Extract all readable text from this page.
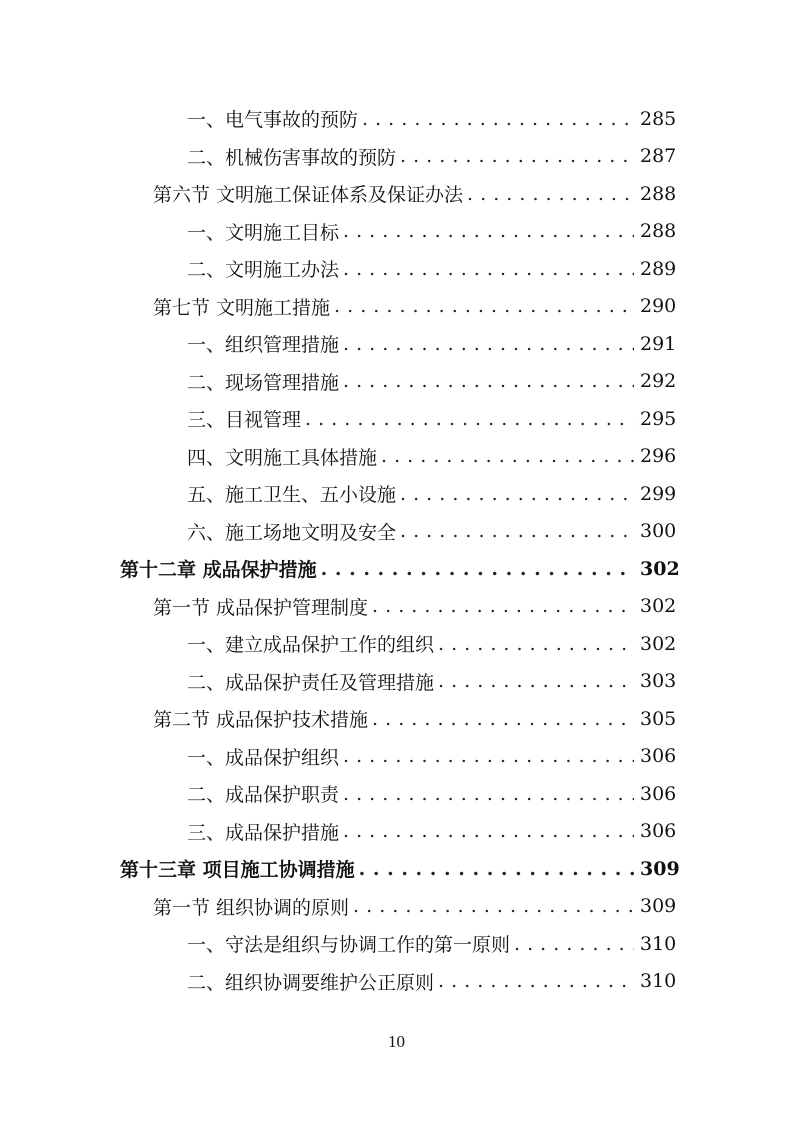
一、电气事故的预防 . . .	285
二、机械伤害事故的预防 . . .	287
第六节 文明施工保证体系及保证办法 . . .	288
一、文明施工目标 . . .	288
二、文明施工办法 . . .	289
第七节 文明施工措施 . . .	290
一、组织管理措施 . . .	291
二、现场管理措施 . . .	292
三、目视管理 . . .	295
四、文明施工具体措施 . . .	296
五、施工卫生、五小设施 . . .	299
六、施工场地文明及安全 . . .	300
第十二章 成品保护措施 . . .	302
第一节 成品保护管理制度 . . .	302
一、建立成品保护工作的组织 . . .	302
二、成品保护责任及管理措施 . . .	303
第二节 成品保护技术措施 . . .	305
一、成品保护组织 . . .	306
二、成品保护职责 . . .	306
三、成品保护措施 . . .	306
第十三章 项目施工协调措施 . . .	309
第一节 组织协调的原则 . . .	309
一、守法是组织与协调工作的第一原则 . . .	310
二、组织协调要维护公正原则 . . .	310
10
